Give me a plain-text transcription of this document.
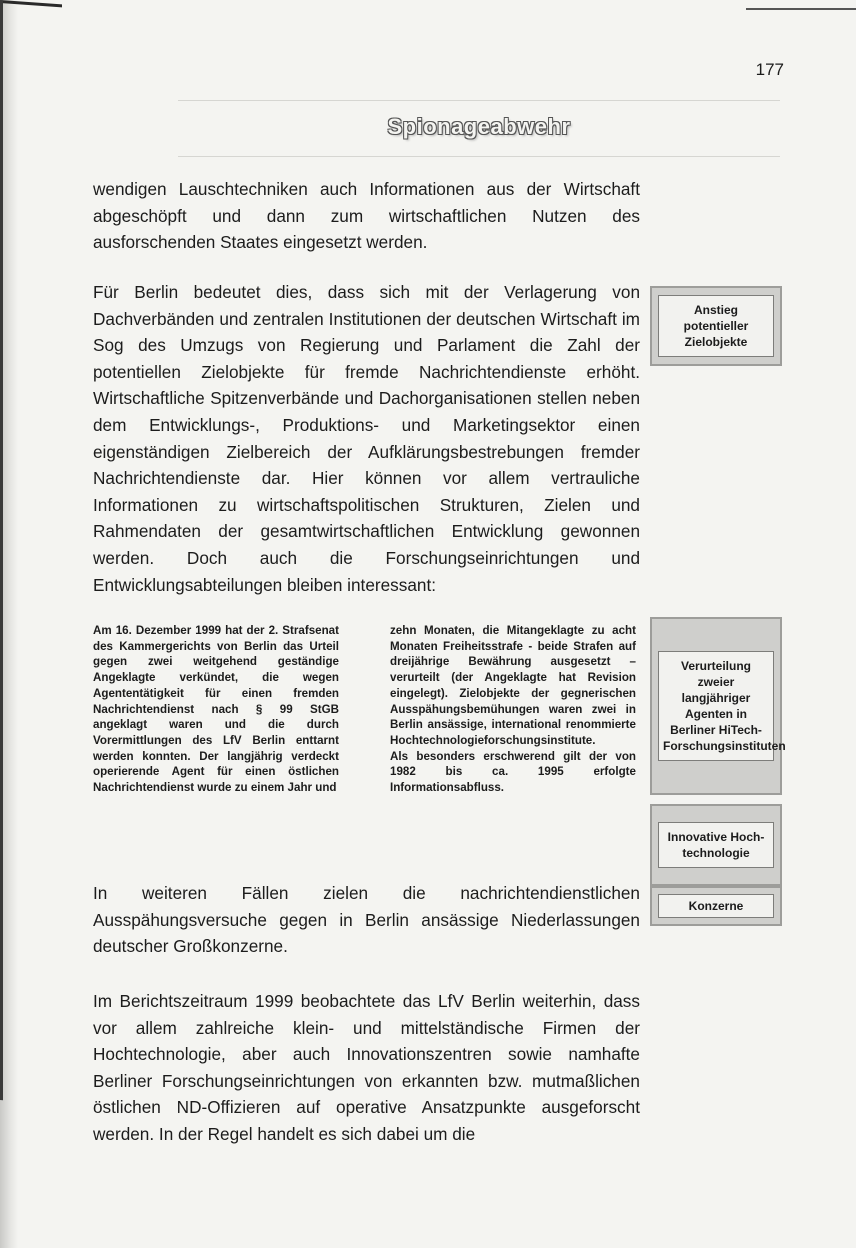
177
Spionageabwehr

wendigen Lauschtechniken auch Informationen aus der Wirtschaft abgeschöpft und dann zum wirtschaftlichen Nutzen des ausforschenden Staates eingesetzt werden.

Für Berlin bedeutet dies, dass sich mit der Verlagerung von Dachverbänden und zentralen Institutionen der deutschen Wirtschaft im Sog des Umzugs von Regierung und Parlament die Zahl der potentiellen Zielobjekte für fremde Nachrichtendienste erhöht. Wirtschaftliche Spitzenverbände und Dachorganisationen stellen neben dem Entwicklungs-, Produktions- und Marketingsektor einen eigenständigen Zielbereich der Aufklärungsbestrebungen fremder Nachrichtendienste dar. Hier können vor allem vertrauliche Informationen zu wirtschaftspolitischen Strukturen, Zielen und Rahmendaten der gesamtwirtschaftlichen Entwicklung gewonnen werden. Doch auch die Forschungseinrichtungen und Entwicklungsabteilungen bleiben interessant:

Am 16. Dezember 1999 hat der 2. Strafsenat des Kammergerichts von Berlin das Urteil gegen zwei weitgehend geständige Angeklagte verkündet, die wegen Agententätigkeit für einen fremden Nachrichtendienst nach § 99 StGB angeklagt waren und die durch Vorermittlungen des LfV Berlin enttarnt werden konnten. Der langjährig verdeckt operierende Agent für einen östlichen Nachrichtendienst wurde zu einem Jahr und

zehn Monaten, die Mitangeklagte zu acht Monaten Freiheitsstrafe - beide Strafen auf dreijährige Bewährung ausgesetzt – verurteilt (der Angeklagte hat Revision eingelegt). Zielobjekte der gegnerischen Ausspähungsbemühungen waren zwei in Berlin ansässige, international renommierte Hochtechnologieforschungsinstitute.

Als besonders erschwerend gilt der von 1982 bis ca. 1995 erfolgte Informationsabfluss.

In weiteren Fällen zielen die nachrichtendienstlichen Ausspähungsversuche gegen in Berlin ansässige Niederlassungen deutscher Großkonzerne.

Im Berichtszeitraum 1999 beobachtete das LfV Berlin weiterhin, dass vor allem zahlreiche klein- und mittelständische Firmen der Hochtechnologie, aber auch Innovationszentren sowie namhafte Berliner Forschungseinrichtungen von erkannten bzw. mutmaßlichen östlichen ND-Offizieren auf operative Ansatzpunkte ausgeforscht werden. In der Regel handelt es sich dabei um die

Anstieg potentieller Zielobjekte
Verurteilung zweier langjähriger Agenten in Berliner HiTech-Forschungsinstituten
Konzerne
Innovative Hoch-technologie
